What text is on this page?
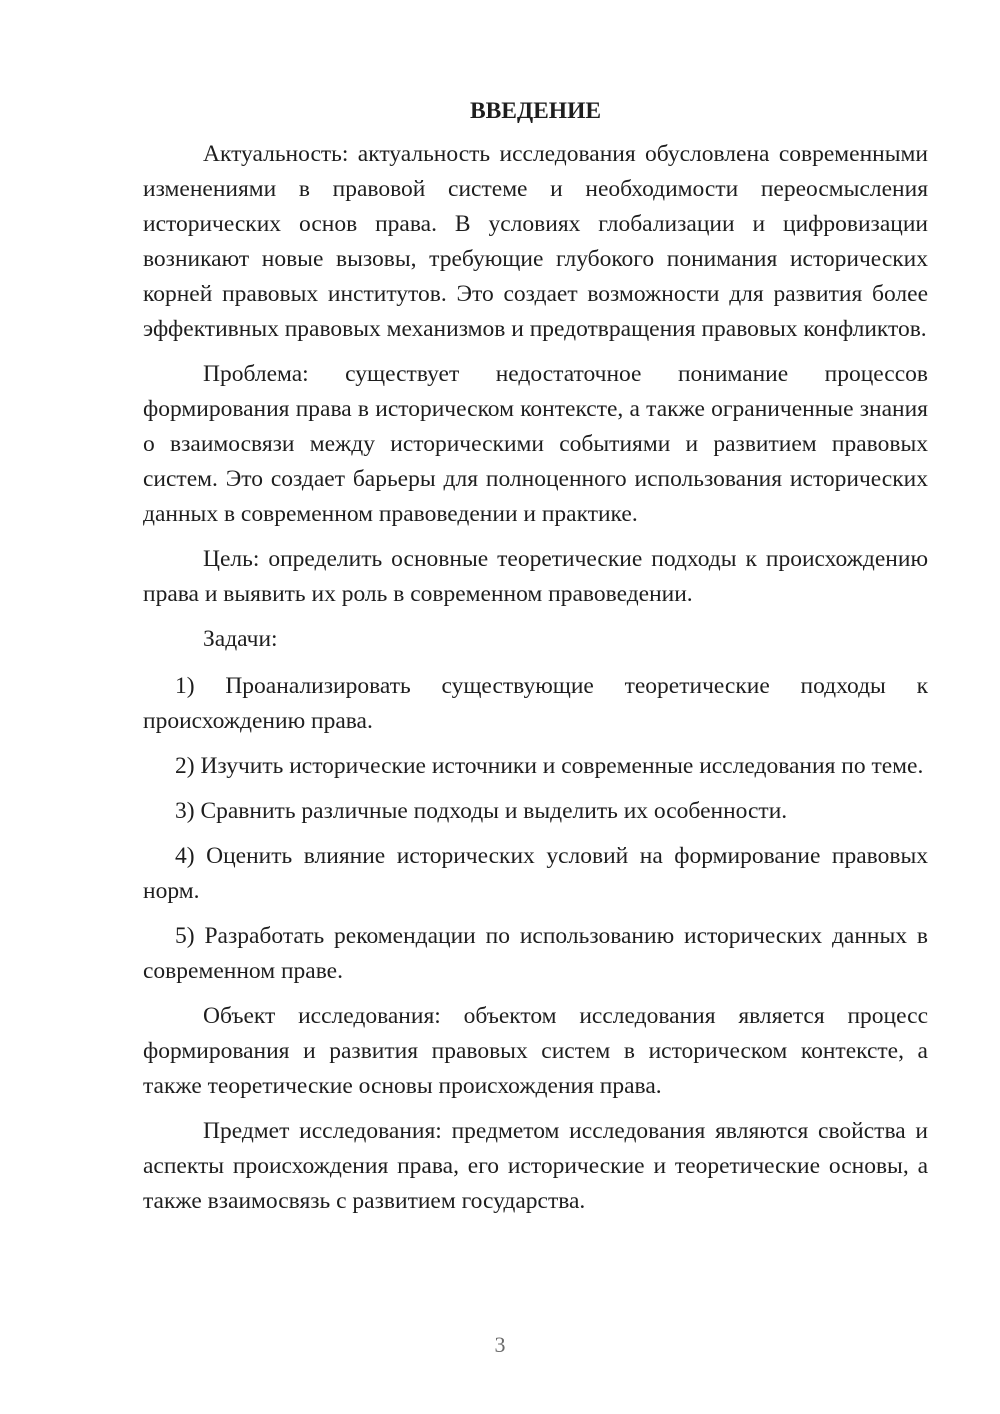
ВВЕДЕНИЕ

Актуальность: актуальность исследования обусловлена современными изменениями в правовой системе и необходимости переосмысления исторических основ права. В условиях глобализации и цифровизации возникают новые вызовы, требующие глубокого понимания исторических корней правовых институтов. Это создает возможности для развития более эффективных правовых механизмов и предотвращения правовых конфликтов.

Проблема: существует недостаточное понимание процессов формирования права в историческом контексте, а также ограниченные знания о взаимосвязи между историческими событиями и развитием правовых систем. Это создает барьеры для полноценного использования исторических данных в современном правоведении и практике.

Цель: определить основные теоретические подходы к происхождению права и выявить их роль в современном правоведении.

Задачи:

1) Проанализировать существующие теоретические подходы к происхождению права.

2) Изучить исторические источники и современные исследования по теме.

3) Сравнить различные подходы и выделить их особенности.

4) Оценить влияние исторических условий на формирование правовых норм.

5) Разработать рекомендации по использованию исторических данных в современном праве.

Объект исследования: объектом исследования является процесс формирования и развития правовых систем в историческом контексте, а также теоретические основы происхождения права.

Предмет исследования: предметом исследования являются свойства и аспекты происхождения права, его исторические и теоретические основы, а также взаимосвязь с развитием государства.

3
